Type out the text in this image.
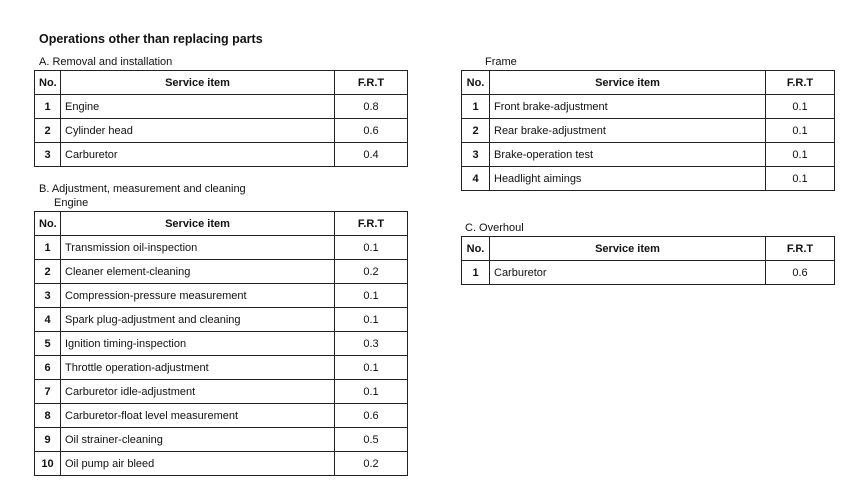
Operations other than replacing parts
A. Removal and installation
No.	Service item	F.R.T
1	Engine	0.8
2	Cylinder head	0.6
3	Carburetor	0.4
B. Adjustment, measurement and cleaning
Engine
No.	Service item	F.R.T
1	Transmission oil-inspection	0.1
2	Cleaner element-cleaning	0.2
3	Compression-pressure measurement	0.1
4	Spark plug-adjustment and cleaning	0.1
5	Ignition timing-inspection	0.3
6	Throttle operation-adjustment	0.1
7	Carburetor idle-adjustment	0.1
8	Carburetor-float level measurement	0.6
9	Oil strainer-cleaning	0.5
10	Oil pump air bleed	0.2
Frame
No.	Service item	F.R.T
1	Front brake-adjustment	0.1
2	Rear brake-adjustment	0.1
3	Brake-operation test	0.1
4	Headlight aimings	0.1
C. Overhoul
No.	Service item	F.R.T
1	Carburetor	0.6
